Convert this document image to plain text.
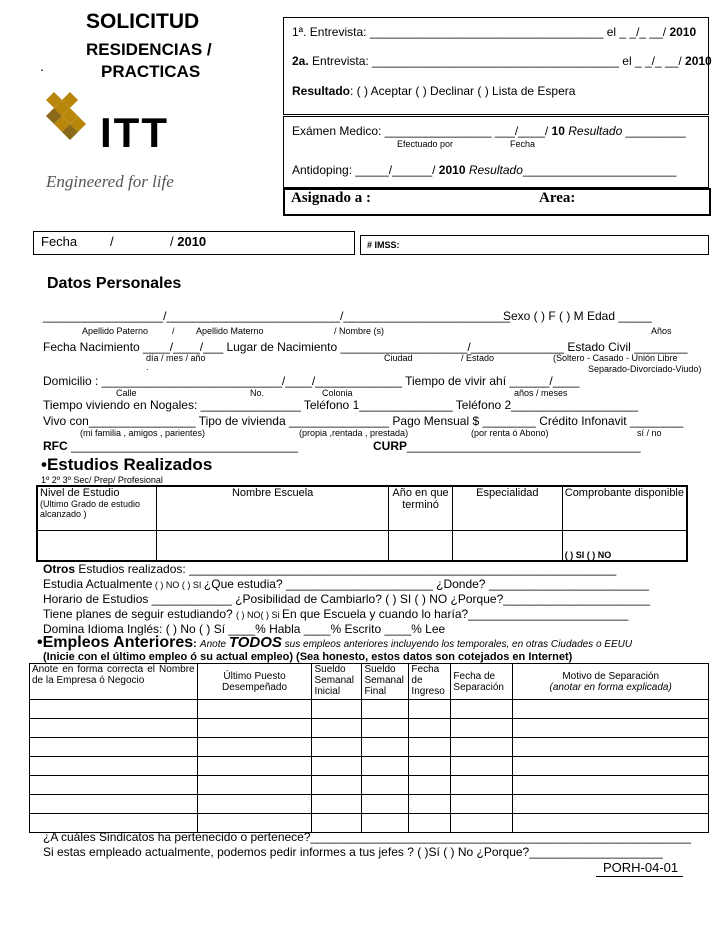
SOLICITUD
RESIDENCIAS /
PRACTICAS
.
ITT
Engineered for life
1ª. Entrevista: ___________________________________ el _ _/_ __/ 2010
2a. Entrevista: _____________________________________ el _ _/_ __/ 2010
Resultado: ( ) Aceptar ( ) Declinar ( ) Lista de Espera
Exámen Medico: ________________ ___/____/ 10 Resultado _________
Efectuado por	Fecha
Antidoping: _____/______/ 2010 Resultado_______________________
Asignado a :	Area:
Fecha	/	/ 2010	# IMSS:
Datos Personales
__________________/__________________________/_________________________
Sexo ( ) F ( ) M Edad _____
Apellido Paterno	/ Apellido Materno	/ Nombre (s)	Años
Fecha Nacimiento ____/____/___ Lugar de Nacimiento ___________________/______________ Estado Civil ________
día / mes / año	Ciudad	/ Estado	(Soltero - Casado - Unión Libre
Separado-Divorciado-Viudo)
.
Domicilio : ___________________________/____/_____________ Tiempo de vivir ahí ______/____
Calle	No.	Colonia	años / meses
Tiempo viviendo en Nogales: _______________ Teléfono 1______________ Teléfono 2___________________
Vivo con________________ Tipo de vivienda _______________ Pago Mensual $ ________ Crédito Infonavit ________
(mi familia , amigos , parientes)	(propia ,rentada , prestada)	(por renta ó Abono)	sí / no
RFC __________________________________	CURP___________________________________
•Estudios Realizados
1º 2º 3º Sec/ Prep/ Profesional
Nivel de Estudio
(Ultimo Grado de estudio alcanzado )	Nombre Escuela	Año en que terminó	Especialidad	Comprobante disponible
				( ) SI ( ) NO
Otros Estudios realizados: ________________________________________________________________
Estudia Actualmente ( ) NO ( ) SI ¿Que estudia? ______________________ ¿Donde? ________________________
Horario de Estudios ____________ ¿Posibilidad de Cambiarlo? ( ) SI ( ) NO ¿Porque?______________________
Tiene planes de seguir estudiando? ( ) NO( ) Si En que Escuela y cuando lo haría?________________________
Domina Idioma Inglés: ( ) No ( ) Sí ____% Habla ____% Escrito ____% Lee
•Empleos Anteriores: Anote TODOS sus empleos anteriores incluyendo los temporales, en otras Ciudades o EEUU
(Inicie con el último empleo ó su actual empleo) (Sea honesto, estos datos son cotejados en Internet)
Anote en forma correcta el Nombre de la Empresa ó Negocio	Último Puesto Desempeñado	Sueldo Semanal Inicial	Sueldo Semanal Final	Fecha de Ingreso	Fecha de Separación	Motivo de Separación
(anotar en forma explicada)

¿A cuáles Sindicatos ha pertenecido o pertenece?_________________________________________________________
Si estas empleado actualmente, podemos pedir informes a tus jefes ? ( )Sí ( ) No ¿Porque?____________________
PORH-04-01
